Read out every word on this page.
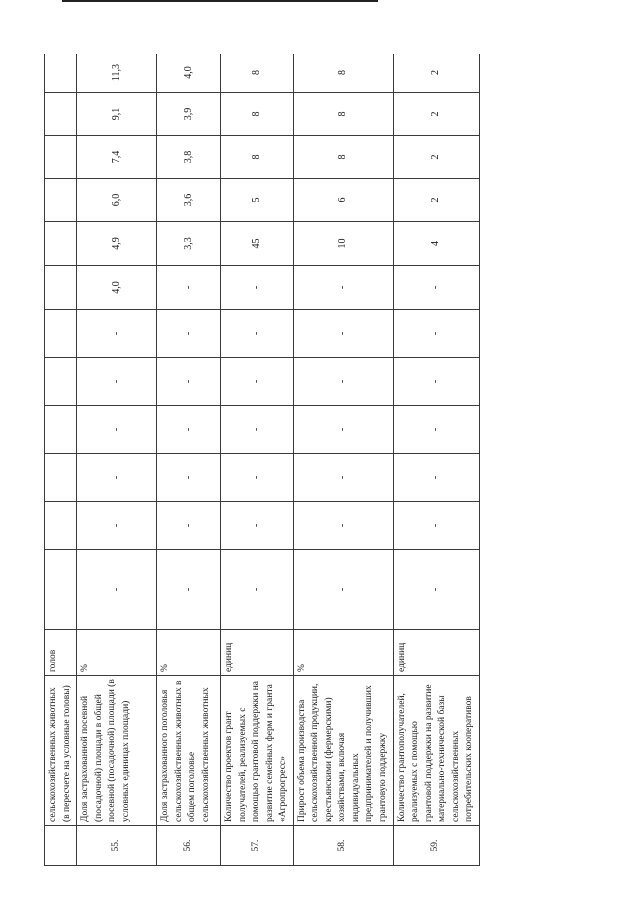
	сельскохозяйственных животных (в пересчете на условные головы)	голов												
55.	Доля застрахованной посевной (посадочной) площади в общей посевной (посадочной) площади (в условных единицах площади)	%	-	-	-	-	-	-	4,0	4,9	6,0	7,4	9,1	11,3
56.	Доля застрахованного поголовья сельскохозяйственных животных в общем поголовье сельскохозяйственных животных	%	-	-	-	-	-	-	-	3,3	3,6	3,8	3,9	4,0
57.	Количество проектов грант получателей, реализуемых с помощью грантовой поддержки на развитие семейных ферм и гранта «Агропрогресс»	единиц	-	-	-	-	-	-	-	45	5	8	8	8
58.	Прирост объема производства сельскохозяйственной продукции, крестьянскими (фермерскими) хозяйствами, включая индивидуальных предпринимателей и получивших грантовую поддержку	%	-	-	-	-	-	-	-	10	6	8	8	8
59.	Количество грантополучателей, реализуемых с помощью грантовой поддержки на развитие материально-технической базы сельскохозяйственных потребительских кооперативов	единиц	-	-	-	-	-	-	-	4	2	2	2	2
